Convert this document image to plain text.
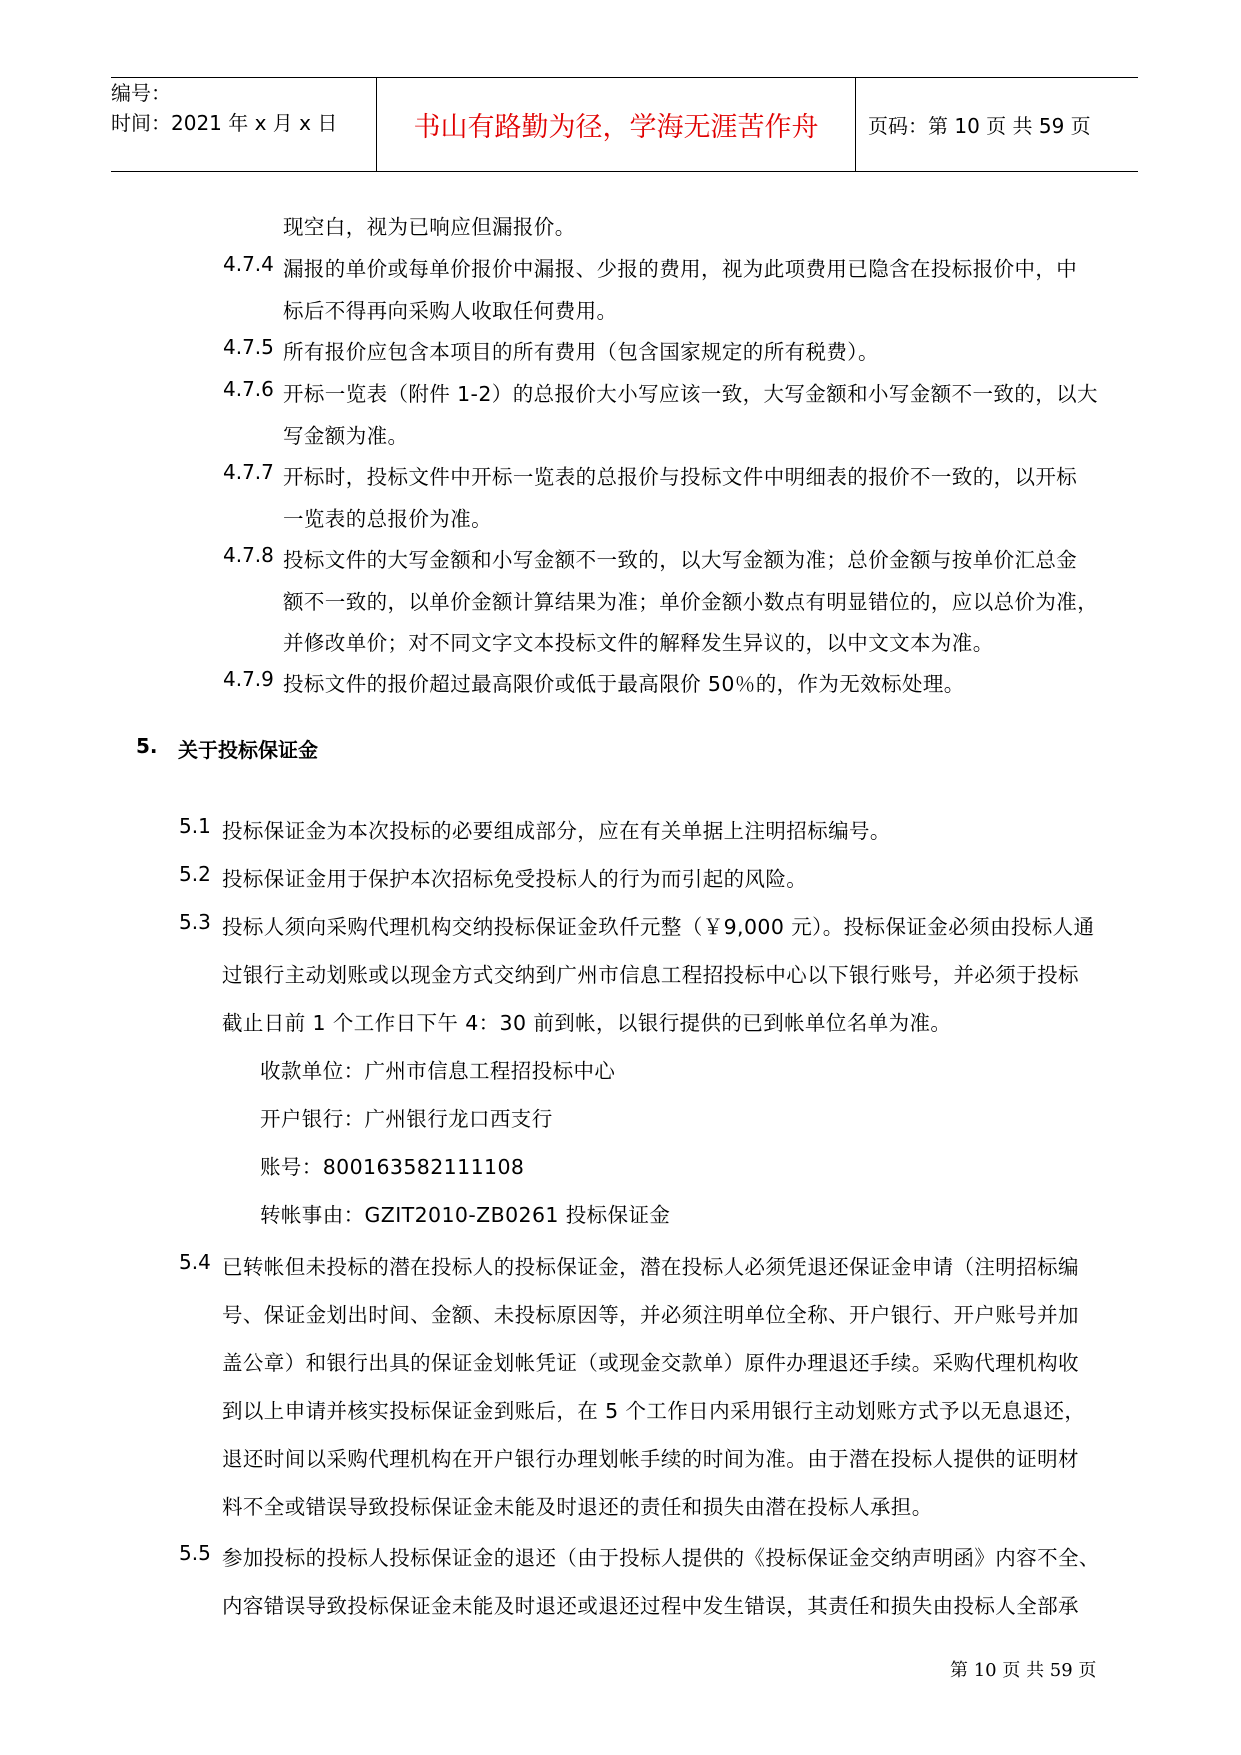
编号：
时间：2021 年 x 月 x 日	书山有路勤为径，学海无涯苦作舟	页码：第 10 页 共 59 页
现空白，视为已响应但漏报价。
4.7.4 漏报的单价或每单价报价中漏报、少报的费用，视为此项费用已隐含在投标报价中，中
标后不得再向采购人收取任何费用。
4.7.5 所有报价应包含本项目的所有费用（包含国家规定的所有税费）。
4.7.6 开标一览表（附件 1-2）的总报价大小写应该一致，大写金额和小写金额不一致的，以大
写金额为准。
4.7.7 开标时，投标文件中开标一览表的总报价与投标文件中明细表的报价不一致的，以开标
一览表的总报价为准。
4.7.8 投标文件的大写金额和小写金额不一致的，以大写金额为准；总价金额与按单价汇总金
额不一致的，以单价金额计算结果为准；单价金额小数点有明显错位的，应以总价为准，
并修改单价；对不同文字文本投标文件的解释发生异议的，以中文文本为准。
4.7.9 投标文件的报价超过最高限价或低于最高限价 50％的，作为无效标处理。
5. 关于投标保证金
5.1 投标保证金为本次投标的必要组成部分，应在有关单据上注明招标编号。
5.2 投标保证金用于保护本次招标免受投标人的行为而引起的风险。
5.3 投标人须向采购代理机构交纳投标保证金玖仟元整（￥9,000 元）。投标保证金必须由投标人通
过银行主动划账或以现金方式交纳到广州市信息工程招投标中心以下银行账号，并必须于投标
截止日前 1 个工作日下午 4：30 前到帐，以银行提供的已到帐单位名单为准。
收款单位：广州市信息工程招投标中心
开户银行：广州银行龙口西支行
账号：800163582111108
转帐事由：GZIT2010-ZB0261 投标保证金
5.4 已转帐但未投标的潜在投标人的投标保证金，潜在投标人必须凭退还保证金申请（注明招标编
号、保证金划出时间、金额、未投标原因等，并必须注明单位全称、开户银行、开户账号并加
盖公章）和银行出具的保证金划帐凭证（或现金交款单）原件办理退还手续。采购代理机构收
到以上申请并核实投标保证金到账后，在 5 个工作日内采用银行主动划账方式予以无息退还，
退还时间以采购代理机构在开户银行办理划帐手续的时间为准。由于潜在投标人提供的证明材
料不全或错误导致投标保证金未能及时退还的责任和损失由潜在投标人承担。
5.5 参加投标的投标人投标保证金的退还（由于投标人提供的《投标保证金交纳声明函》内容不全、
内容错误导致投标保证金未能及时退还或退还过程中发生错误，其责任和损失由投标人全部承
第 10 页 共 59 页
